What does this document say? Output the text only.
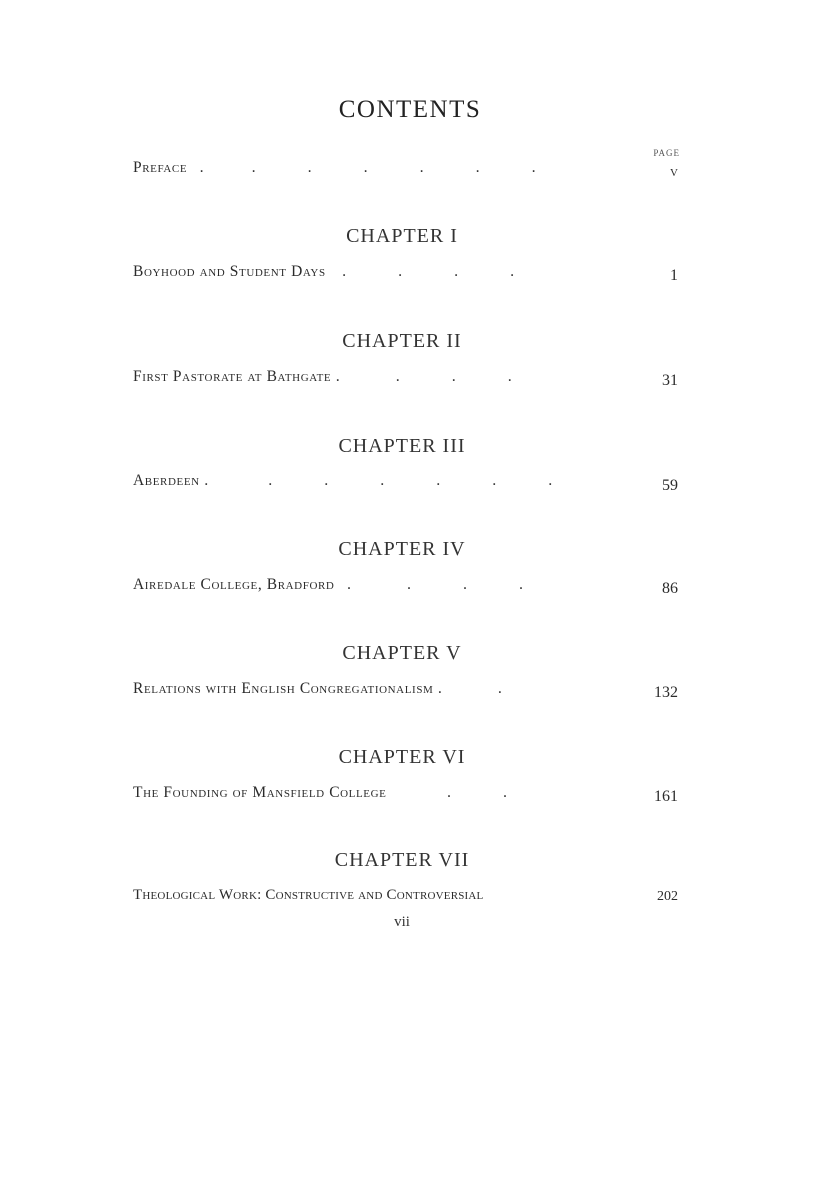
CONTENTS
PAGE
Preface   .            .             .             .             .             .             .	v
CHAPTER I
Boyhood and Student Days    .             .             .             .	1
CHAPTER II
First Pastorate at Bathgate .              .             .             .	31
CHAPTER III
Aberdeen .               .             .             .             .             .             .	59
CHAPTER IV
Airedale College, Bradford   .              .             .             .	86
CHAPTER V
Relations with English Congregationalism .              .	132
CHAPTER VI
The Founding of Mansfield College               .             .	161
CHAPTER VII
Theological Work: Constructive and Controversial	202
vii
